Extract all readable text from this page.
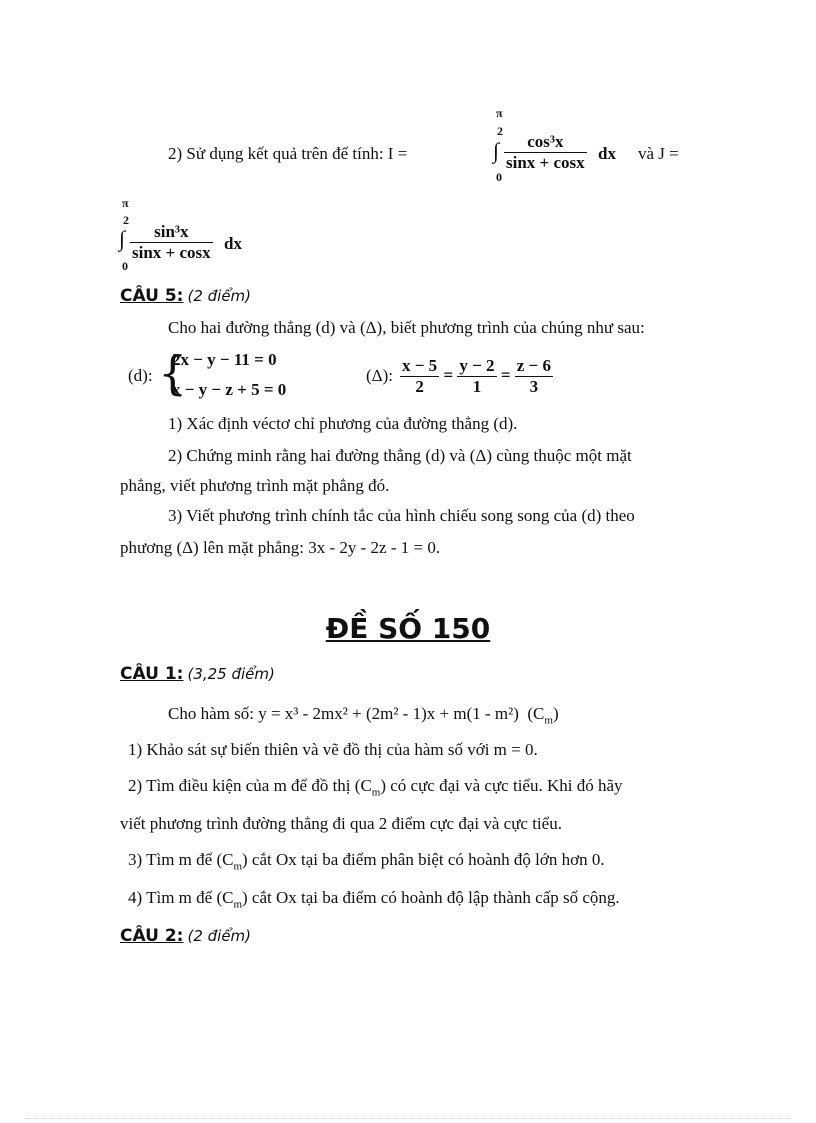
2) Sử dụng kết quả trên để tính: I =
π
2
∫
0
$\frac{\text{cos³x}}{\sin x + \cos x}$ dx và J =
π
2
∫
0
$\frac{\text{sin³x}}{\sin x + \cos x}$ dx
CÂU 5: (2 điểm)
Cho hai đường thẳng (d) và (Δ), biết phương trình của chúng như sau:
(d): {
2x − y − 11 = 0
x − y − z + 5 = 0
(Δ): $\frac{x - 5}{2} = \frac{y - 2}{1} = \frac{z - 6}{3}$
1) Xác định véctơ chỉ phương của đường thẳng (d).
2) Chứng minh rằng hai đường thẳng (d) và (Δ) cùng thuộc một mặt
phẳng, viết phương trình mặt phẳng đó.
3) Viết phương trình chính tắc của hình chiếu song song của (d) theo
phương (Δ) lên mặt phẳng: 3x - 2y - 2z - 1 = 0.
ĐỀ SỐ 150
CÂU 1: (3,25 điểm)
Cho hàm số: y = x³ - 2mx² + (2m² - 1)x + m(1 - m²) $(C_m)$
1) Khảo sát sự biến thiên và vẽ đồ thị của hàm số với m = 0.
2) Tìm điều kiện của m để đồ thị $(C_m)$ có cực đại và cực tiểu. Khi đó hãy
viết phương trình đường thẳng đi qua 2 điểm cực đại và cực tiểu.
3) Tìm m để $(C_m)$ cắt Ox tại ba điểm phân biệt có hoành độ lớn hơn 0.
4) Tìm m để $(C_m)$ cắt Ox tại ba điểm có hoành độ lập thành cấp số cộng.
CÂU 2: (2 điểm)
